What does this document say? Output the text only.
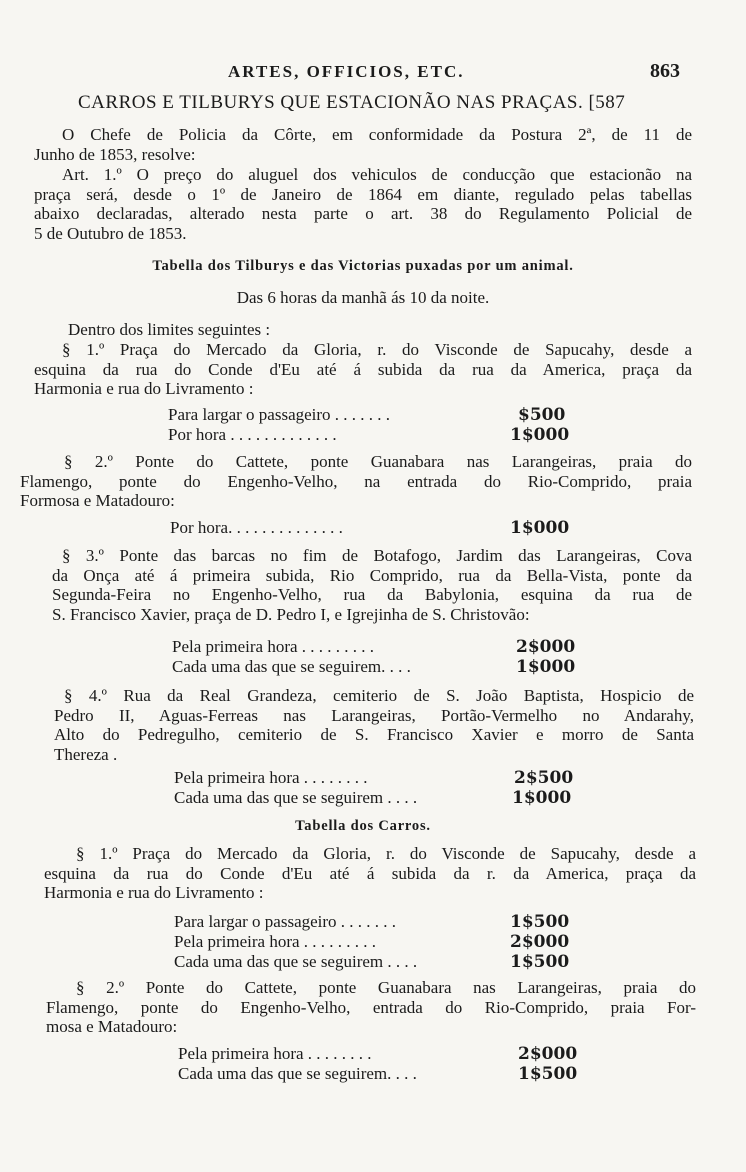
ARTES, OFFICIOS, ETC.	863
CARROS E TILBURYS QUE ESTACIONÃO NAS PRAÇAS. [587
O Chefe de Policia da Côrte, em conformidade da Postura 2ª, de 11 de
Junho de 1853, resolve:
Art. 1.º O preço do aluguel dos vehiculos de conducção que estacionão na
praça será, desde o 1º de Janeiro de 1864 em diante, regulado pelas tabellas
abaixo declaradas, alterado nesta parte o art. 38 do Regulamento Policial de
5 de Outubro de 1853.
Tabella dos Tilburys e das Victorias puxadas por um animal.
Das 6 horas da manhã ás 10 da noite.
Dentro dos limites seguintes :
§ 1.º Praça do Mercado da Gloria, r. do Visconde de Sapucahy, desde a
esquina da rua do Conde d'Eu até á subida da rua da America, praça da
Harmonia e rua do Livramento :
Para largar o passageiro . . . . . . .	$500
Por hora . . . . . . . . . . . . .	1$000
§ 2.º Ponte do Cattete, ponte Guanabara nas Larangeiras, praia do
Flamengo, ponte do Engenho-Velho, na entrada do Rio-Comprido, praia
Formosa e Matadouro:
Por hora. . . . . . . . . . . . . .	1$000
§ 3.º Ponte das barcas no fim de Botafogo, Jardim das Larangeiras, Cova
da Onça até á primeira subida, Rio Comprido, rua da Bella-Vista, ponte da
Segunda-Feira no Engenho-Velho, rua da Babylonia, esquina da rua de
S. Francisco Xavier, praça de D. Pedro I, e Igrejinha de S. Christovão:
Pela primeira hora . . . . . . . . .	2$000
Cada uma das que se seguirem. . . .	1$000
§ 4.º Rua da Real Grandeza, cemiterio de S. João Baptista, Hospicio de
Pedro II, Aguas-Ferreas nas Larangeiras, Portão-Vermelho no Andarahy,
Alto do Pedregulho, cemiterio de S. Francisco Xavier e morro de Santa
Thereza .
Pela primeira hora . . . . . . . .	2$500
Cada uma das que se seguirem . . . .	1$000
Tabella dos Carros.
§ 1.º Praça do Mercado da Gloria, r. do Visconde de Sapucahy, desde a
esquina da rua do Conde d'Eu até á subida da r. da America, praça da
Harmonia e rua do Livramento :
Para largar o passageiro . . . . . . .	1$500
Pela primeira hora . . . . . . . . .	2$000
Cada uma das que se seguirem . . . .	1$500
§ 2.º Ponte do Cattete, ponte Guanabara nas Larangeiras, praia do
Flamengo, ponte do Engenho-Velho, entrada do Rio-Comprido, praia For-
mosa e Matadouro:
Pela primeira hora . . . . . . . .	2$000
Cada uma das que se seguirem. . . .	1$500
